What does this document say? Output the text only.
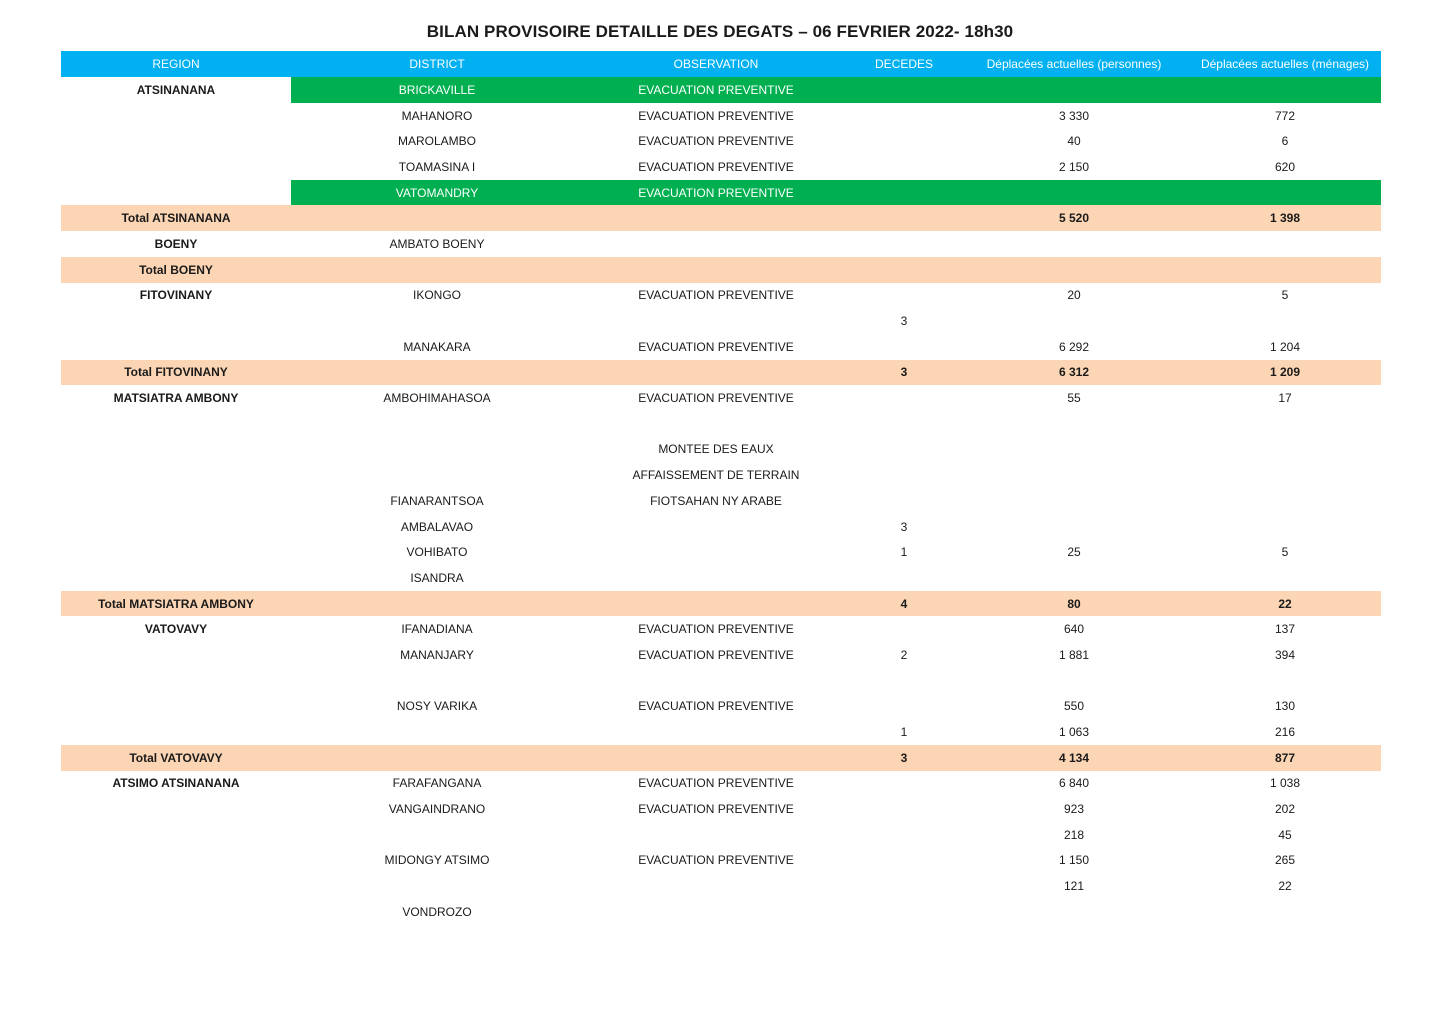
BILAN PROVISOIRE DETAILLE DES DEGATS – 06 FEVRIER 2022- 18h30
REGION	DISTRICT	OBSERVATION	DECEDES	Déplacées actuelles (personnes)	Déplacées actuelles (ménages)
ATSINANANA	BRICKAVILLE	EVACUATION PREVENTIVE			
	MAHANORO	EVACUATION PREVENTIVE		3 330	772
	MAROLAMBO	EVACUATION PREVENTIVE		40	6
	TOAMASINA I	EVACUATION PREVENTIVE		2 150	620
	VATOMANDRY	EVACUATION PREVENTIVE			
Total ATSINANANA				5 520	1 398
BOENY	AMBATO BOENY				
Total BOENY					
FITOVINANY	IKONGO	EVACUATION PREVENTIVE		20	5
			3		
	MANAKARA	EVACUATION PREVENTIVE		6 292	1 204
Total FITOVINANY			3	6 312	1 209
MATSIATRA AMBONY	AMBOHIMAHASOA	EVACUATION PREVENTIVE		55	17

		MONTEE DES EAUX			
		AFFAISSEMENT DE TERRAIN			
	FIANARANTSOA	FIOTSAHAN NY ARABE			
	AMBALAVAO		3		
	VOHIBATO		1	25	5
	ISANDRA				
Total MATSIATRA AMBONY			4	80	22
VATOVAVY	IFANADIANA	EVACUATION PREVENTIVE		640	137
	MANANJARY	EVACUATION PREVENTIVE	2	1 881	394

	NOSY VARIKA	EVACUATION PREVENTIVE		550	130
			1	1 063	216
Total VATOVAVY			3	4 134	877
ATSIMO ATSINANANA	FARAFANGANA	EVACUATION PREVENTIVE		6 840	1 038
	VANGAINDRANO	EVACUATION PREVENTIVE		923	202
				218	45
	MIDONGY ATSIMO	EVACUATION PREVENTIVE		1 150	265
				121	22
	VONDROZO				
